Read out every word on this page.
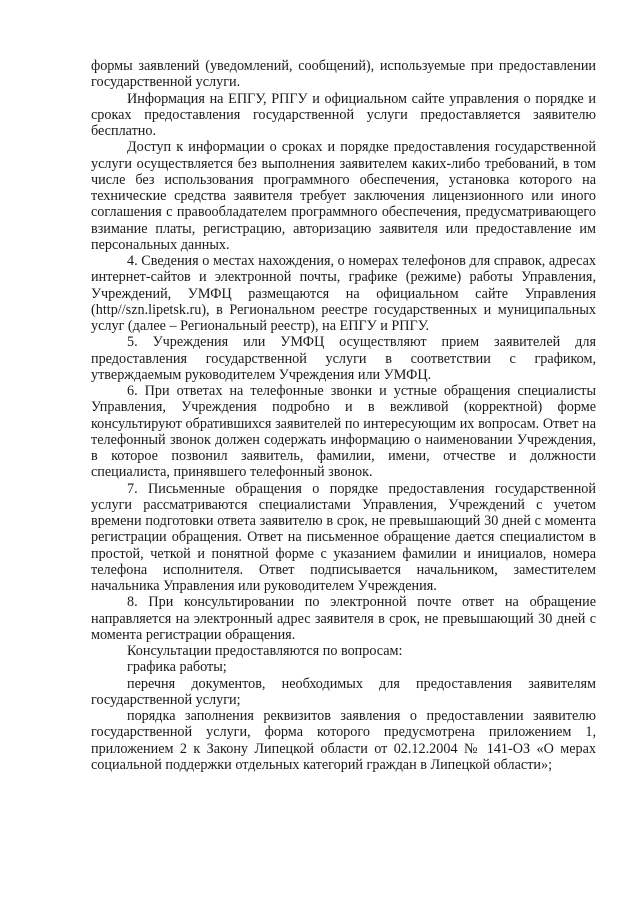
формы заявлений (уведомлений, сообщений), используемые при предоставлении государственной услуги.

Информация на ЕПГУ, РПГУ и официальном сайте управления о порядке и сроках предоставления государственной услуги предоставляется заявителю бесплатно.

Доступ к информации о сроках и порядке предоставления государственной услуги осуществляется без выполнения заявителем каких-либо требований, в том числе без использования программного обеспечения, установка которого на технические средства заявителя требует заключения лицензионного или иного соглашения с правообладателем программного обеспечения, предусматривающего взимание платы, регистрацию, авторизацию заявителя или предоставление им персональных данных.

4. Сведения о местах нахождения, о номерах телефонов для справок, адресах интернет-сайтов и электронной почты, графике (режиме) работы Управления, Учреждений, УМФЦ размещаются на официальном сайте Управления (http//szn.lipetsk.ru), в Региональном реестре государственных и муниципальных услуг (далее – Региональный реестр), на ЕПГУ и РПГУ.

5. Учреждения или УМФЦ осуществляют прием заявителей для предоставления государственной услуги в соответствии с графиком, утверждаемым руководителем Учреждения или УМФЦ.

6. При ответах на телефонные звонки и устные обращения специалисты Управления, Учреждения подробно и в вежливой (корректной) форме консультируют обратившихся заявителей по интересующим их вопросам. Ответ на телефонный звонок должен содержать информацию о наименовании Учреждения, в которое позвонил заявитель, фамилии, имени, отчестве и должности специалиста, принявшего телефонный звонок.

7. Письменные обращения о порядке предоставления государственной услуги рассматриваются специалистами Управления, Учреждений с учетом времени подготовки ответа заявителю в срок, не превышающий 30 дней с момента регистрации обращения. Ответ на письменное обращение дается специалистом в простой, четкой и понятной форме с указанием фамилии и инициалов, номера телефона исполнителя. Ответ подписывается начальником, заместителем начальника Управления или руководителем Учреждения.

8. При консультировании по электронной почте ответ на обращение направляется на электронный адрес заявителя в срок, не превышающий 30 дней с момента регистрации обращения.

Консультации предоставляются по вопросам:

графика работы;

перечня документов, необходимых для предоставления заявителям государственной услуги;

порядка заполнения реквизитов заявления о предоставлении заявителю государственной услуги, форма которого предусмотрена приложением 1, приложением 2 к Закону Липецкой области от 02.12.2004 № 141-ОЗ «О мерах социальной поддержки отдельных категорий граждан в Липецкой области»;
